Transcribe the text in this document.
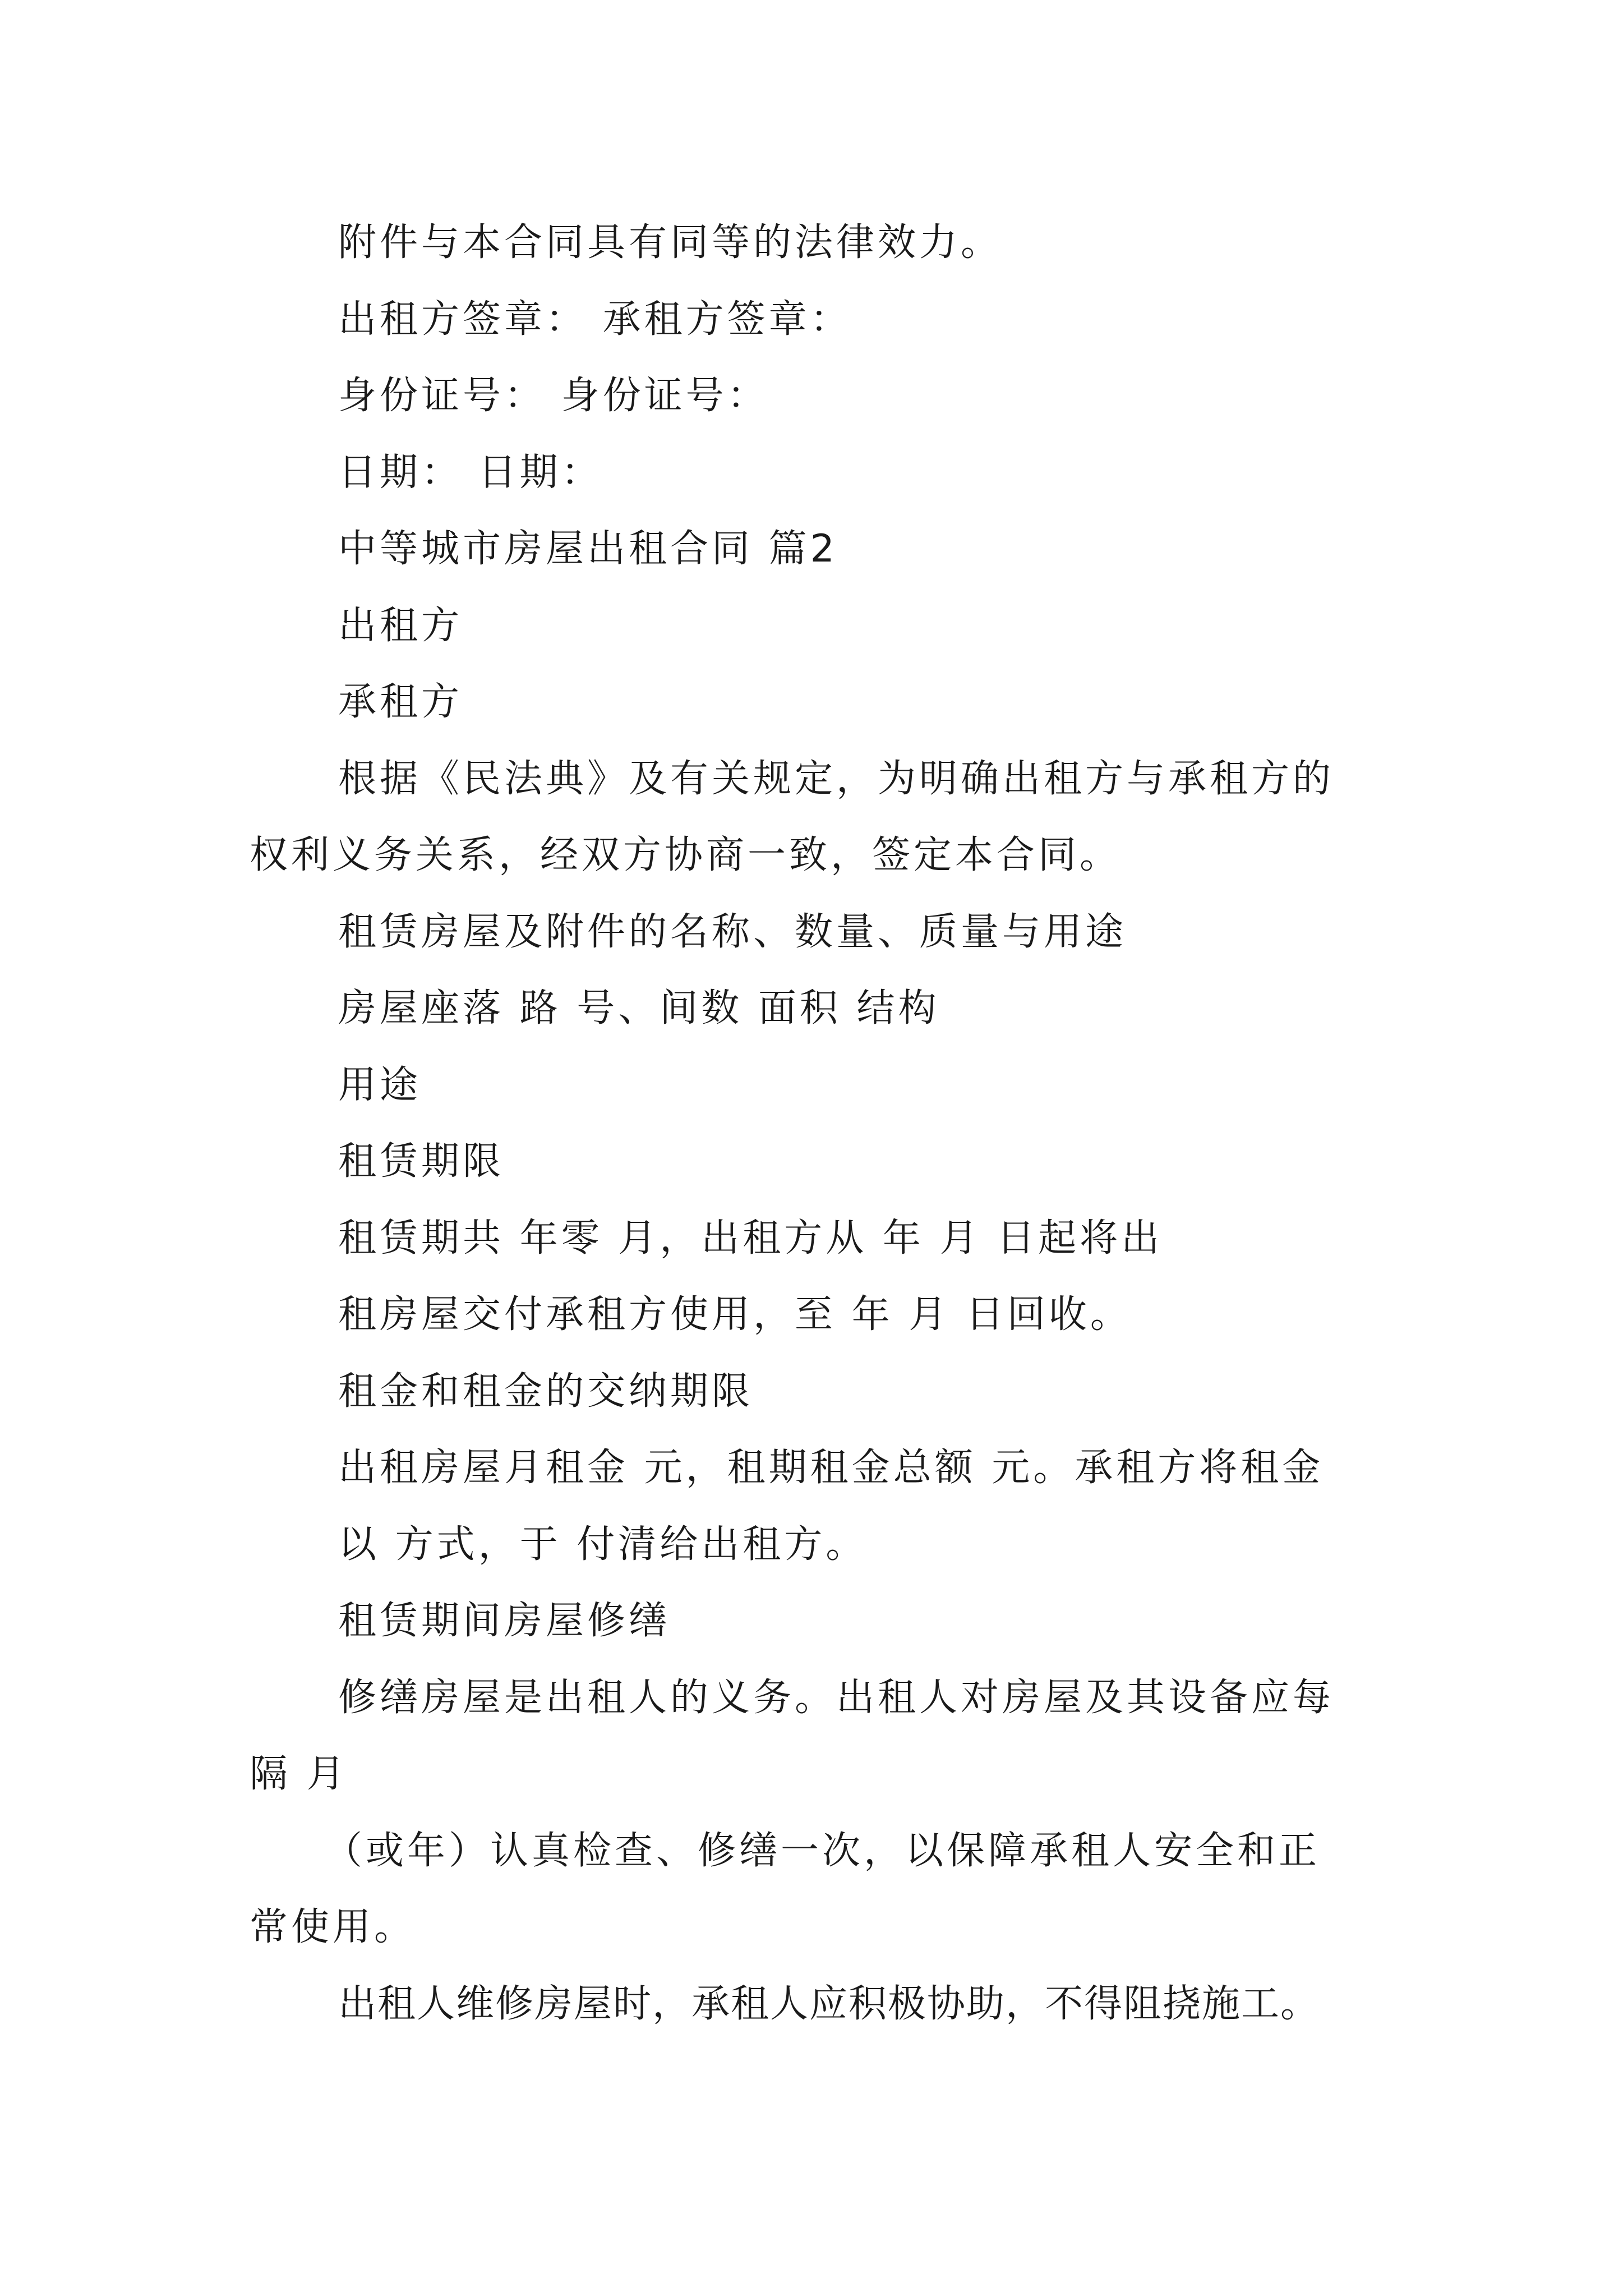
附件与本合同具有同等的法律效力。
出租方签章： 承租方签章：
身份证号： 身份证号：
日期： 日期：
中等城市房屋出租合同 篇2
出租方
承租方
根据《民法典》及有关规定，为明确出租方与承租方的
权利义务关系，经双方协商一致，签定本合同。
租赁房屋及附件的名称、数量、质量与用途
房屋座落 路 号、间数 面积 结构
用途
租赁期限
租赁期共 年零 月，出租方从 年 月 日起将出
租房屋交付承租方使用，至 年 月 日回收。
租金和租金的交纳期限
出租房屋月租金 元，租期租金总额 元。承租方将租金
以 方式，于 付清给出租方。
租赁期间房屋修缮
修缮房屋是出租人的义务。出租人对房屋及其设备应每
隔 月
（或年）认真检查、修缮一次，以保障承租人安全和正
常使用。
出租人维修房屋时，承租人应积极协助，不得阻挠施工。
